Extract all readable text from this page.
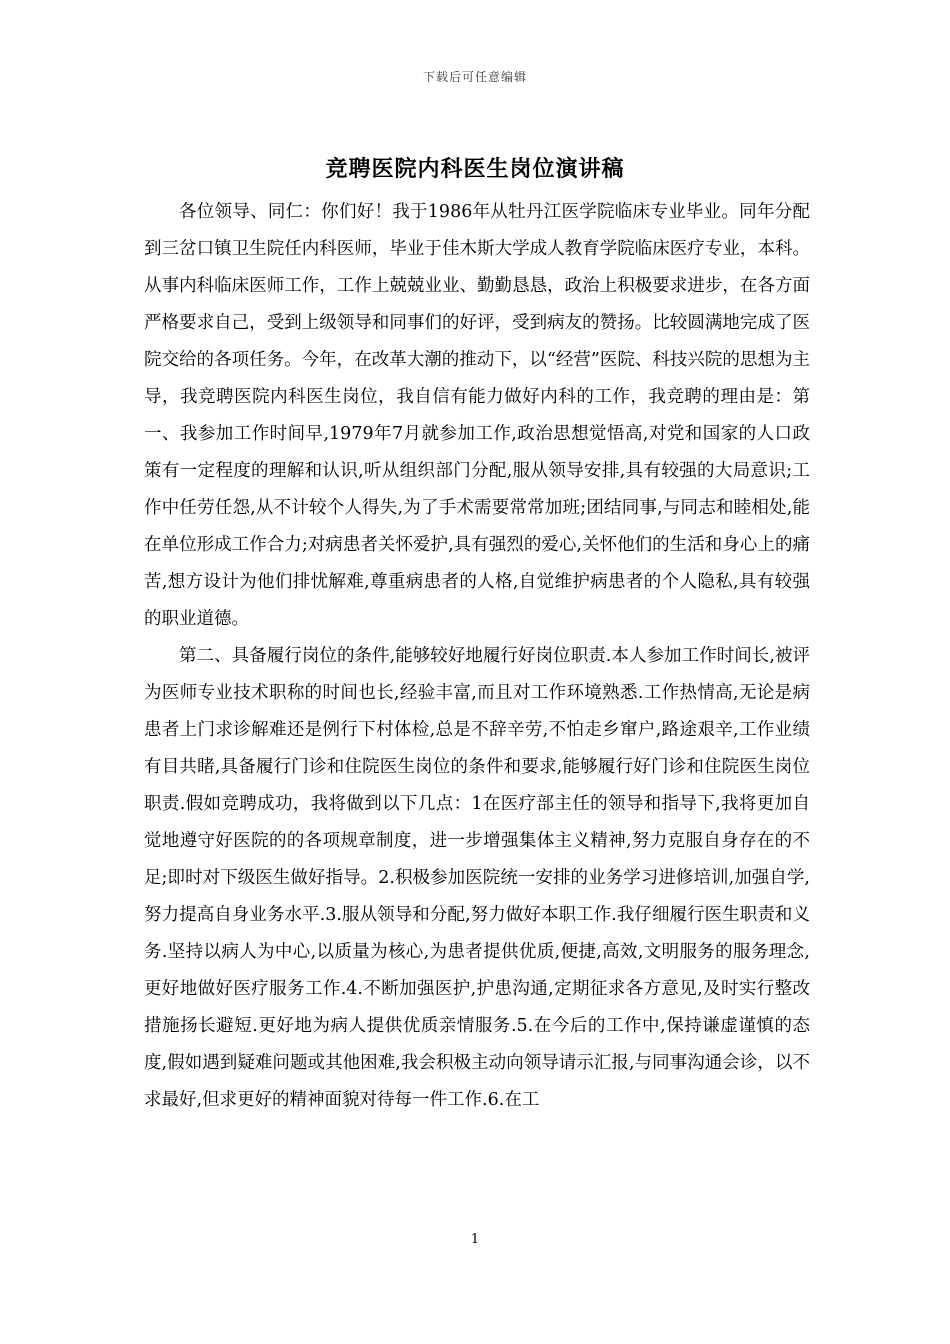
下载后可任意编辑
竞聘医院内科医生岗位演讲稿

各位领导、同仁：你们好！我于1986年从牡丹江医学院临床专业毕业。同年分配到三岔口镇卫生院任内科医师，毕业于佳木斯大学成人教育学院临床医疗专业，本科。从事内科临床医师工作，工作上兢兢业业、勤勤恳恳，政治上积极要求进步，在各方面严格要求自己，受到上级领导和同事们的好评，受到病友的赞扬。比较圆满地完成了医院交给的各项任务。今年，在改革大潮的推动下，以“经营”医院、科技兴院的思想为主导，我竞聘医院内科医生岗位，我自信有能力做好内科的工作，我竞聘的理由是：第一、我参加工作时间早,1979年7月就参加工作,政治思想觉悟高,对党和国家的人口政策有一定程度的理解和认识,听从组织部门分配,服从领导安排,具有较强的大局意识;工作中任劳任怨,从不计较个人得失,为了手术需要常常加班;团结同事,与同志和睦相处,能在单位形成工作合力;对病患者关怀爱护,具有强烈的爱心,关怀他们的生活和身心上的痛苦,想方设计为他们排忧解难,尊重病患者的人格,自觉维护病患者的个人隐私,具有较强的职业道德。

第二、具备履行岗位的条件,能够较好地履行好岗位职责.本人参加工作时间长,被评为医师专业技术职称的时间也长,经验丰富,而且对工作环境熟悉.工作热情高,无论是病患者上门求诊解难还是例行下村体检,总是不辞辛劳,不怕走乡窜户,路途艰辛,工作业绩有目共睹,具备履行门诊和住院医生岗位的条件和要求,能够履行好门诊和住院医生岗位职责.假如竞聘成功，我将做到以下几点：1在医疗部主任的领导和指导下,我将更加自觉地遵守好医院的的各项规章制度，进一步增强集体主义精神,努力克服自身存在的不足;即时对下级医生做好指导。2.积极参加医院统一安排的业务学习进修培训,加强自学,努力提高自身业务水平.3.服从领导和分配,努力做好本职工作.我仔细履行医生职责和义务.坚持以病人为中心,以质量为核心,为患者提供优质,便捷,高效,文明服务的服务理念,更好地做好医疗服务工作.4.不断加强医护,护患沟通,定期征求各方意见,及时实行整改措施扬长避短.更好地为病人提供优质亲情服务.5.在今后的工作中,保持谦虚谨慎的态度,假如遇到疑难问题或其他困难,我会积极主动向领导请示汇报,与同事沟通会诊，以不求最好,但求更好的精神面貌对待每一件工作.6.在工

1
